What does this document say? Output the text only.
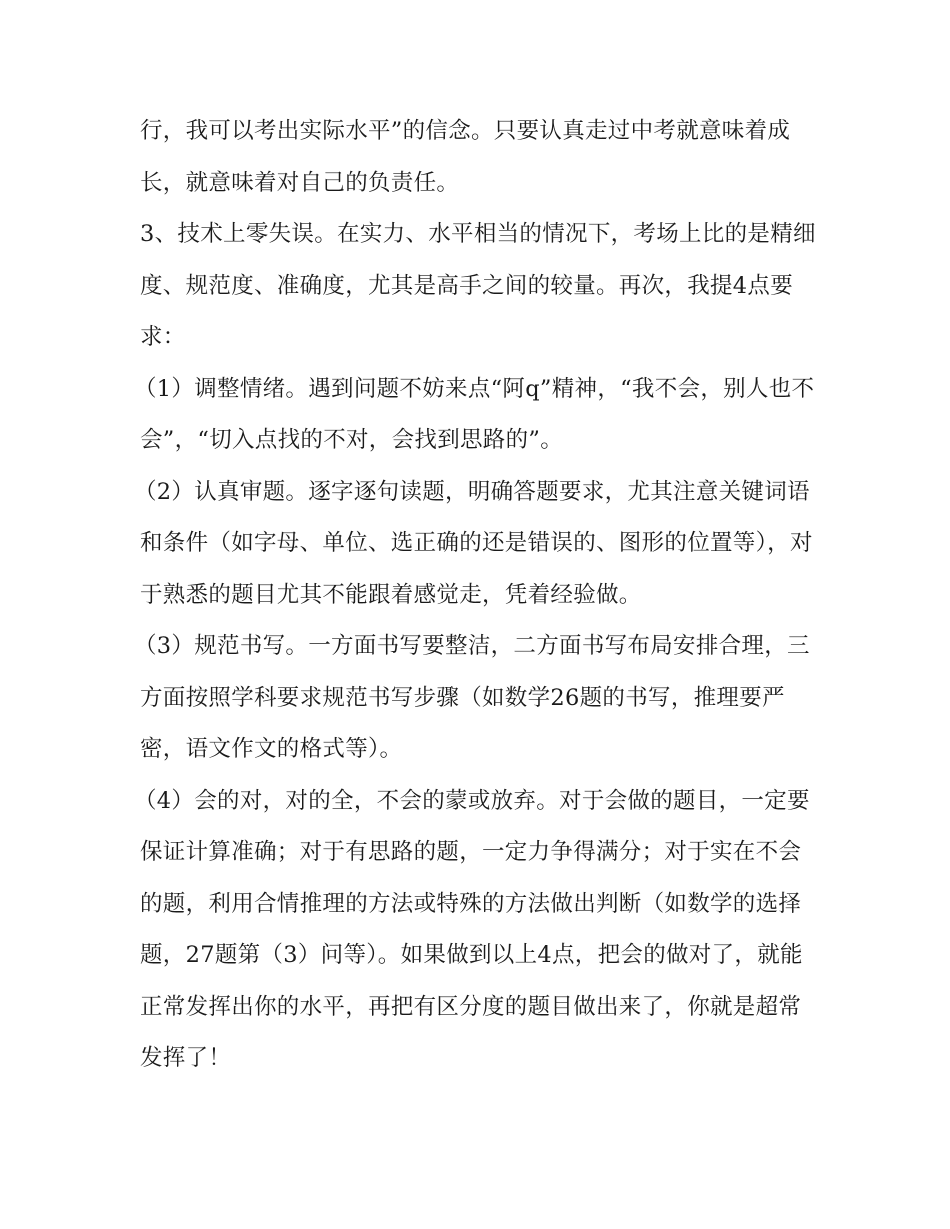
行，我可以考出实际水平”的信念。只要认真走过中考就意味着成长，就意味着对自己的负责任。

3、技术上零失误。在实力、水平相当的情况下，考场上比的是精细度、规范度、准确度，尤其是高手之间的较量。再次，我提4点要求：

（1）调整情绪。遇到问题不妨来点“阿q”精神，“我不会，别人也不会”，“切入点找的不对，会找到思路的”。

（2）认真审题。逐字逐句读题，明确答题要求，尤其注意关键词语和条件（如字母、单位、选正确的还是错误的、图形的位置等），对于熟悉的题目尤其不能跟着感觉走，凭着经验做。

（3）规范书写。一方面书写要整洁，二方面书写布局安排合理，三方面按照学科要求规范书写步骤（如数学26题的书写，推理要严密，语文作文的格式等）。

（4）会的对，对的全，不会的蒙或放弃。对于会做的题目，一定要保证计算准确；对于有思路的题，一定力争得满分；对于实在不会的题，利用合情推理的方法或特殊的方法做出判断（如数学的选择题，27题第（3）问等）。如果做到以上4点，把会的做对了，就能正常发挥出你的水平，再把有区分度的题目做出来了，你就是超常发挥了！
